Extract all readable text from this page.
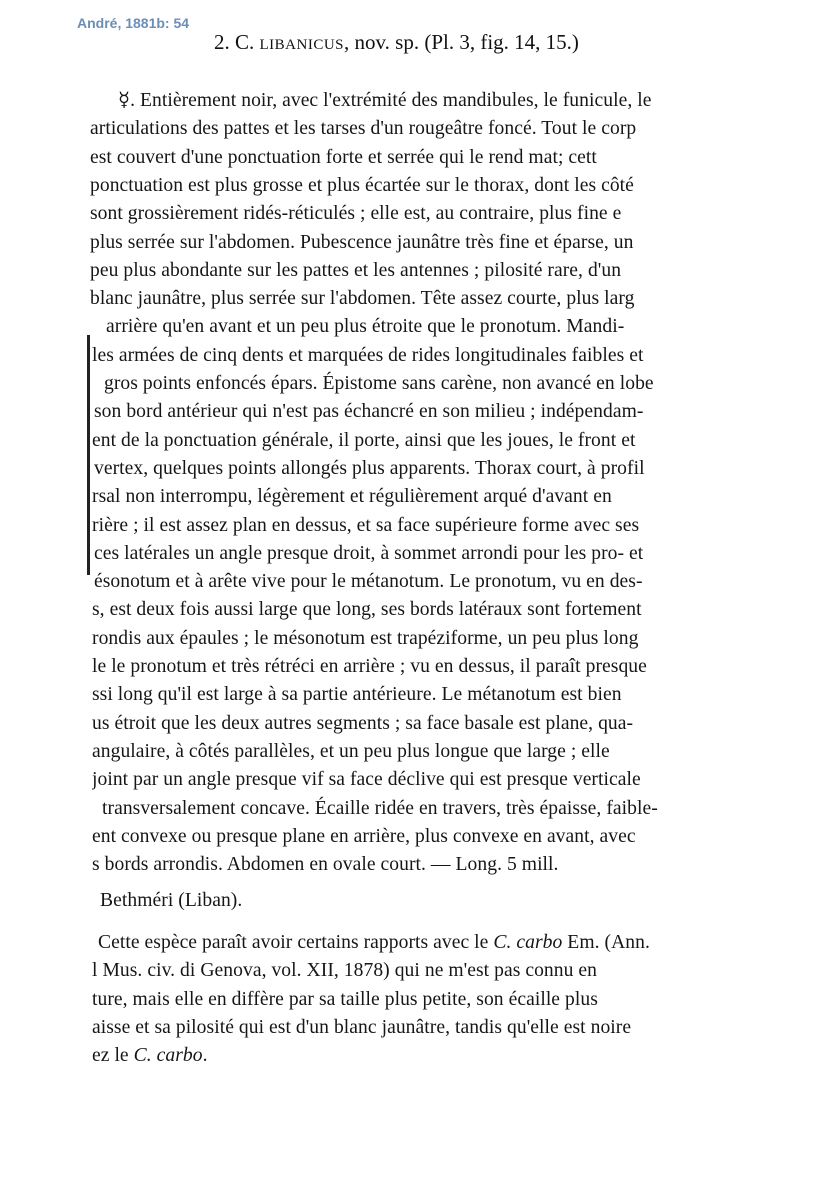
André, 1881b: 54
2. C. libanicus, nov. sp. (Pl. 3, fig. 14, 15.)
☿. Entièrement noir, avec l'extrémité des mandibules, le funicule, le
articulations des pattes et les tarses d'un rougeâtre foncé. Tout le corp
est couvert d'une ponctuation forte et serrée qui le rend mat; cett
ponctuation est plus grosse et plus écartée sur le thorax, dont les côté
sont grossièrement ridés-réticulés ; elle est, au contraire, plus fine e
plus serrée sur l'abdomen. Pubescence jaunâtre très fine et éparse, un
peu plus abondante sur les pattes et les antennes ; pilosité rare, d'un
blanc jaunâtre, plus serrée sur l'abdomen. Tête assez courte, plus larg
arrière qu'en avant et un peu plus étroite que le pronotum. Mandi-
les armées de cinq dents et marquées de rides longitudinales faibles et
gros points enfoncés épars. Épistome sans carène, non avancé en lobe
son bord antérieur qui n'est pas échancré en son milieu ; indépendam-
ent de la ponctuation générale, il porte, ainsi que les joues, le front et
vertex, quelques points allongés plus apparents. Thorax court, à profil
rsal non interrompu, légèrement et régulièrement arqué d'avant en
rière ; il est assez plan en dessus, et sa face supérieure forme avec ses
ces latérales un angle presque droit, à sommet arrondi pour les pro- et
ésonotum et à arête vive pour le métanotum. Le pronotum, vu en des-
s, est deux fois aussi large que long, ses bords latéraux sont fortement
rondis aux épaules ; le mésonotum est trapéziforme, un peu plus long
le le pronotum et très rétréci en arrière ; vu en dessus, il paraît presque
ssi long qu'il est large à sa partie antérieure. Le métanotum est bien
us étroit que les deux autres segments ; sa face basale est plane, qua-
angulaire, à côtés parallèles, et un peu plus longue que large ; elle
joint par un angle presque vif sa face déclive qui est presque verticale
transversalement concave. Écaille ridée en travers, très épaisse, faible-
ent convexe ou presque plane en arrière, plus convexe en avant, avec
s bords arrondis. Abdomen en ovale court. — Long. 5 mill.
Bethméri (Liban).
Cette espèce paraît avoir certains rapports avec le C. carbo Em. (Ann.
l Mus. civ. di Genova, vol. XII, 1878) qui ne m'est pas connu en
ture, mais elle en diffère par sa taille plus petite, son écaille plus
aisse et sa pilosité qui est d'un blanc jaunâtre, tandis qu'elle est noire
ez le C. carbo.
